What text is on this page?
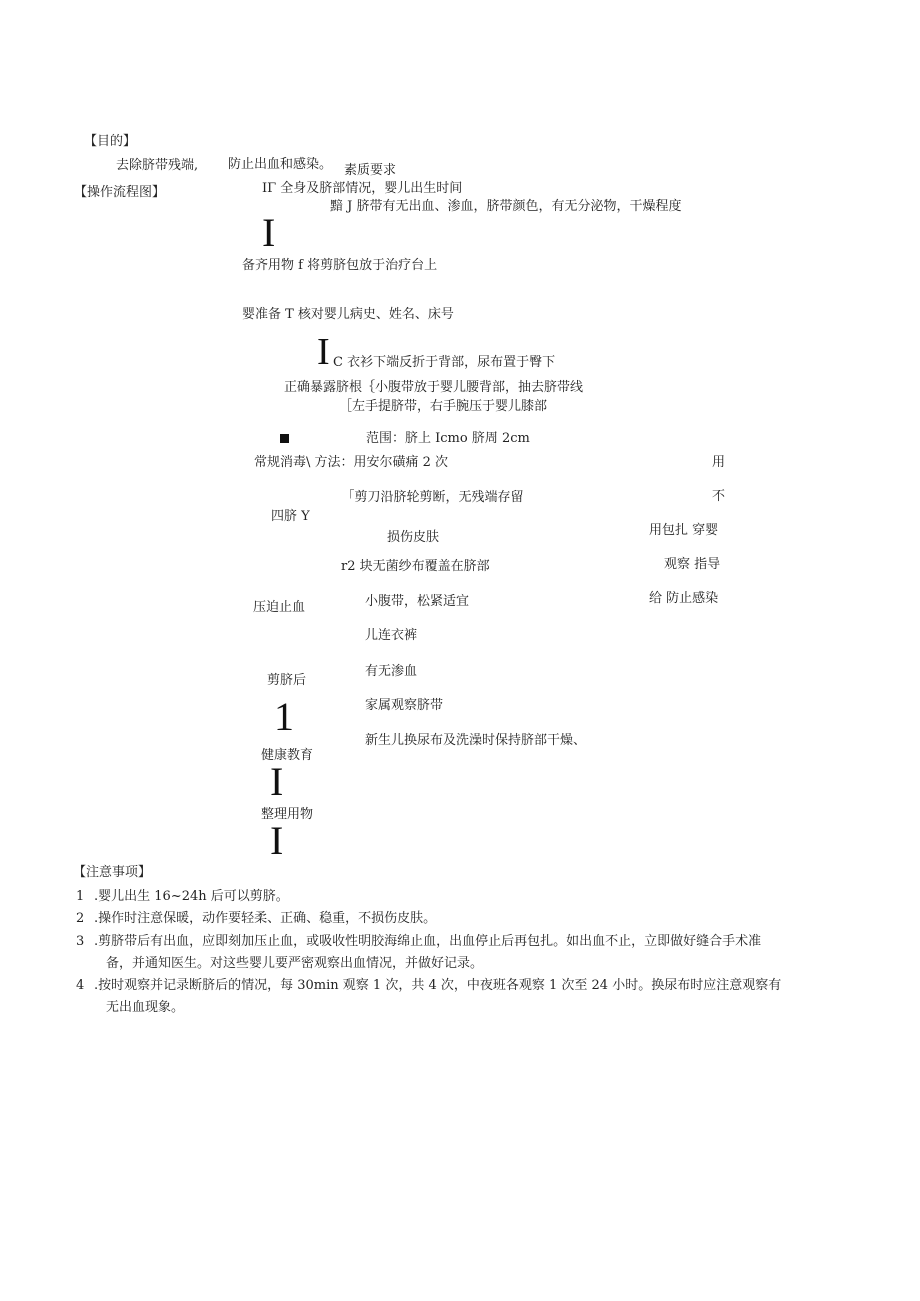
【目的】
去除脐带残端, 防止出血和感染。 素质要求
【操作流程图】	IΓ 全身及脐部情况，婴儿出生时间
黯 J 脐带有无出血、渗血，脐带颜色，有无分泌物，干燥程度
I
备齐用物 f 将剪脐包放于治疗台上
婴准备 T 核对婴儿病史、姓名、床号
I C 衣衫下端反折于背部，尿布置于臀下
正确暴露脐根｛小腹带放于婴儿腰背部，抽去脐带线
［左手提脐带，右手腕压于婴儿膝部
范围：脐上 Icmo 脐周 2cm
常规消毒\ 方法：用安尔磺痛 2 次
｢剪刀沿脐轮剪断，无残端存留
四脐 Y
损伤皮肤
r2 块无菌纱布覆盖在脐部
小腹带，松紧适宜
压迫止血
儿连衣裤
有无渗血
剪脐后
1	家属观察脐带
新生儿换尿布及洗澡时保持脐部干燥、
健康教育
I
整理用物
I
用
不
用包扎 穿婴
观察 指导
给 防止感染
【注意事项】
1 .婴儿出生 16~24h 后可以剪脐。
2 .操作时注意保暖，动作要轻柔、正确、稳重，不损伤皮肤。
3 .剪脐带后有出血，应即刻加压止血，或吸收性明胶海绵止血，出血停止后再包扎。如出血不止，立即做好缝合手术准
备，并通知医生。对这些婴儿要严密观察出血情况，并做好记录。
4 .按时观察并记录断脐后的情况，每 30min 观察 1 次，共 4 次，中夜班各观察 1 次至 24 小时。换尿布时应注意观察有
无出血现象。
